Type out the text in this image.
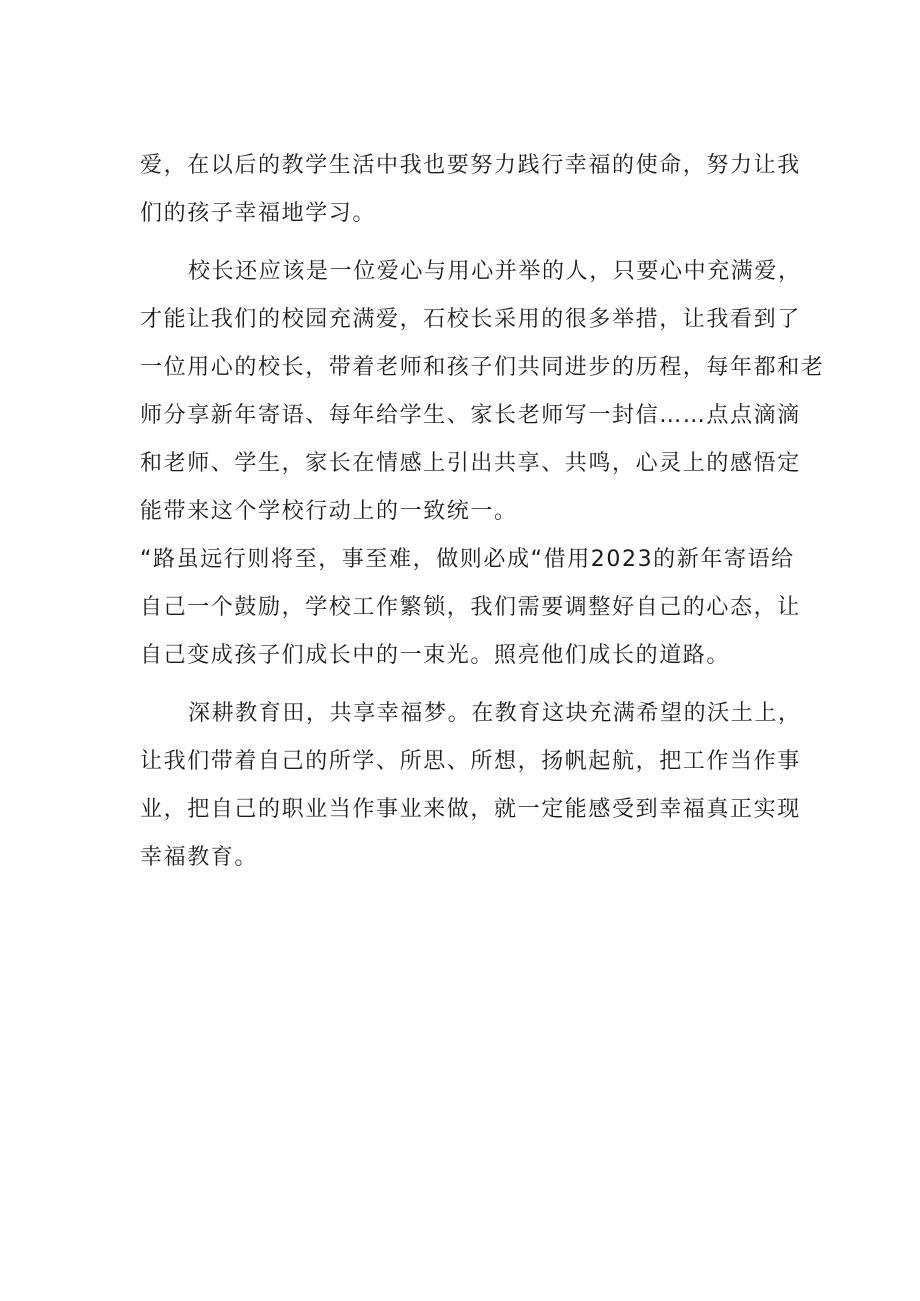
爱，在以后的教学生活中我也要努力践行幸福的使命，努力让我
们的孩子幸福地学习。
校长还应该是一位爱心与用心并举的人，只要心中充满爱，
才能让我们的校园充满爱，石校长采用的很多举措，让我看到了
一位用心的校长，带着老师和孩子们共同进步的历程，每年都和老
师分享新年寄语、每年给学生、家长老师写一封信……点点滴滴
和老师、学生，家长在情感上引出共享、共鸣，心灵上的感悟定
能带来这个学校行动上的一致统一。
“路虽远行则将至，事至难，做则必成“借用2023的新年寄语给
自己一个鼓励，学校工作繁锁，我们需要调整好自己的心态，让
自己变成孩子们成长中的一束光。照亮他们成长的道路。
深耕教育田，共享幸福梦。在教育这块充满希望的沃土上，
让我们带着自己的所学、所思、所想，扬帆起航，把工作当作事
业，把自己的职业当作事业来做，就一定能感受到幸福真正实现
幸福教育。
